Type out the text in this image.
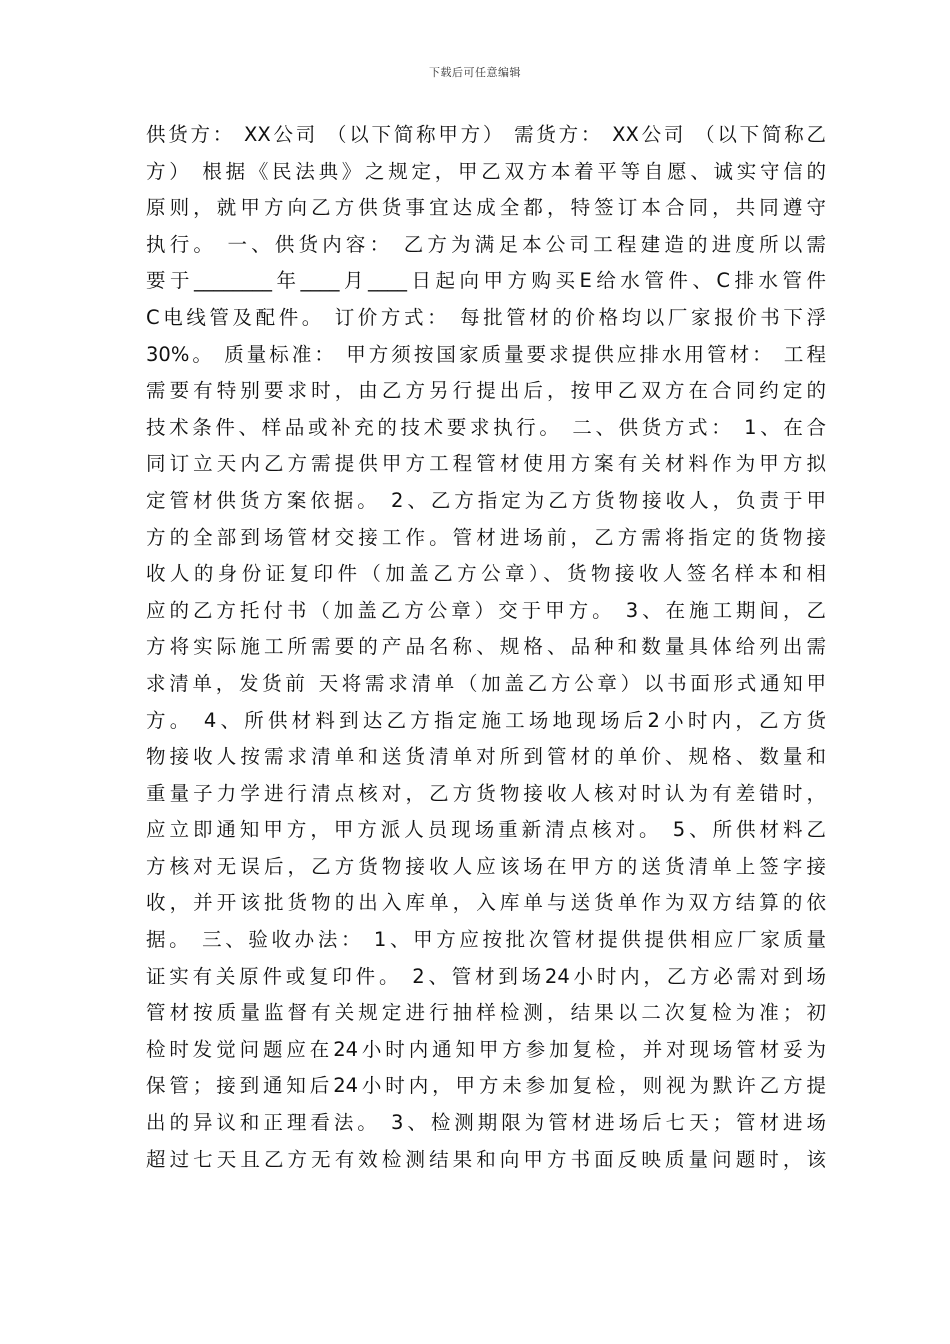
下载后可任意编辑
供货方： XX公司 （以下简称甲方） 需货方： XX公司 （以下简称乙
方） 根据《民法典》之规定，甲乙双方本着平等自愿、诚实守信的
原则，就甲方向乙方供货事宜达成全都，特签订本合同，共同遵守
执行。 一、供货内容： 乙方为满足本公司工程建造的进度所以需
要于________年____月____日起向甲方购买E给水管件、C排水管件
C电线管及配件。 订价方式： 每批管材的价格均以厂家报价书下浮
30%。 质量标准： 甲方须按国家质量要求提供应排水用管材： 工程
需要有特别要求时，由乙方另行提出后，按甲乙双方在合同约定的
技术条件、样品或补充的技术要求执行。 二、供货方式： 1、在合
同订立天内乙方需提供甲方工程管材使用方案有关材料作为甲方拟
定管材供货方案依据。 2、乙方指定为乙方货物接收人，负责于甲
方的全部到场管材交接工作。管材进场前，乙方需将指定的货物接
收人的身份证复印件（加盖乙方公章）、货物接收人签名样本和相
应的乙方托付书（加盖乙方公章）交于甲方。 3、在施工期间，乙
方将实际施工所需要的产品名称、规格、品种和数量具体给列出需
求清单，发货前 天将需求清单（加盖乙方公章）以书面形式通知甲
方。 4、所供材料到达乙方指定施工场地现场后2小时内，乙方货
物接收人按需求清单和送货清单对所到管材的单价、规格、数量和
重量子力学进行清点核对，乙方货物接收人核对时认为有差错时，
应立即通知甲方，甲方派人员现场重新清点核对。 5、所供材料乙
方核对无误后，乙方货物接收人应该场在甲方的送货清单上签字接
收，并开该批货物的出入库单，入库单与送货单作为双方结算的依
据。 三、验收办法： 1、甲方应按批次管材提供提供相应厂家质量
证实有关原件或复印件。 2、管材到场24小时内，乙方必需对到场
管材按质量监督有关规定进行抽样检测，结果以二次复检为准；初
检时发觉问题应在24小时内通知甲方参加复检，并对现场管材妥为
保管；接到通知后24小时内，甲方未参加复检，则视为默许乙方提
出的异议和正理看法。 3、检测期限为管材进场后七天；管材进场
超过七天且乙方无有效检测结果和向甲方书面反映质量问题时，该
